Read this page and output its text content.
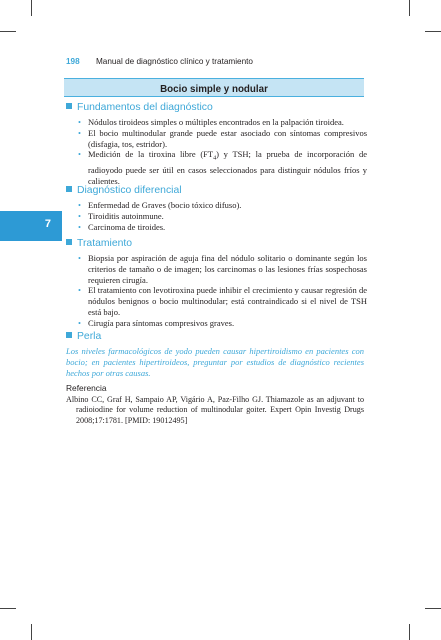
198 Manual de diagnóstico clínico y tratamiento
Bocio simple y nodular
7
Fundamentos del diagnóstico
• Nódulos tiroideos simples o múltiples encontrados en la palpación tiroidea.
• El bocio multinodular grande puede estar asociado con síntomas compresivos (disfagia, tos, estridor).
• Medición de la tiroxina libre $(FT_4)$ y TSH; la prueba de incorporación de radioyodo puede ser útil en casos seleccionados para distinguir nódulos fríos y calientes.
Diagnóstico diferencial
• Enfermedad de Graves (bocio tóxico difuso).
• Tiroiditis autoinmune.
• Carcinoma de tiroides.
Tratamiento
• Biopsia por aspiración de aguja fina del nódulo solitario o dominante según los criterios de tamaño o de imagen; los carcinomas o las lesiones frías sospechosas requieren cirugía.
• El tratamiento con levotiroxina puede inhibir el crecimiento y causar regresión de nódulos benignos o bocio multinodular; está contraindicado si el nivel de TSH está bajo.
• Cirugía para síntomas compresivos graves.
Perla

Los niveles farmacológicos de yodo pueden causar hipertiroidismo en pacientes con bocio; en pacientes hipertiroideos, preguntar por estudios de diagnóstico recientes hechos por otras causas.

Referencia

Albino CC, Graf H, Sampaio AP, Vigário A, Paz-Filho GJ. Thiamazole as an adjuvant to radioiodine for volume reduction of multinodular goiter. Expert Opin Investig Drugs 2008;17:1781. [PMID: 19012495]
